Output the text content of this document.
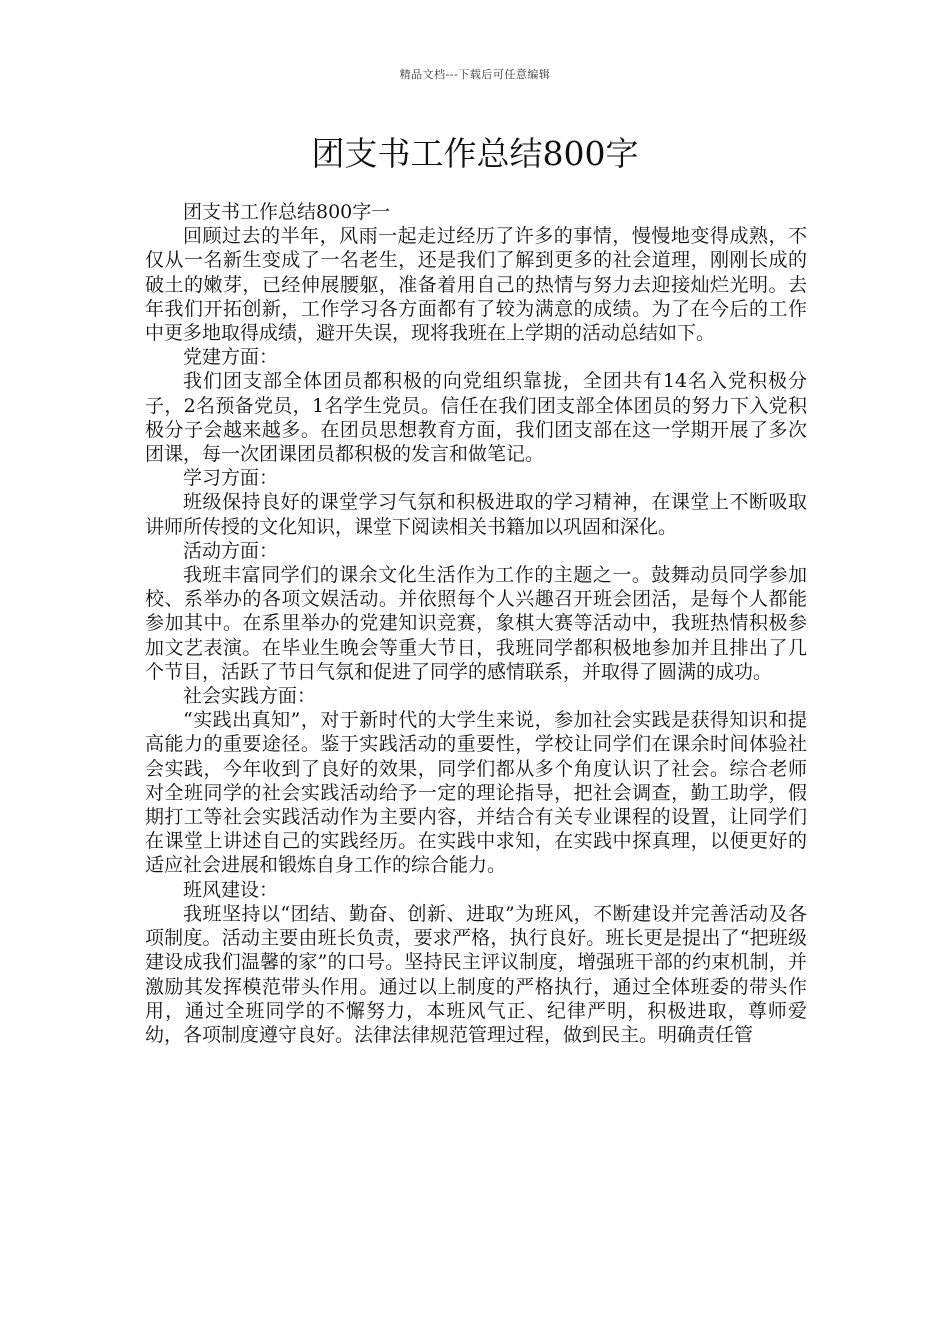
精品文档---下载后可任意编辑
团支书工作总结800字

团支书工作总结800字一

回顾过去的半年，风雨一起走过经历了许多的事情，慢慢地变得成熟，不仅从一名新生变成了一名老生，还是我们了解到更多的社会道理，刚刚长成的破土的嫩芽，已经伸展腰躯，准备着用自己的热情与努力去迎接灿烂光明。去年我们开拓创新，工作学习各方面都有了较为满意的成绩。为了在今后的工作中更多地取得成绩，避开失误，现将我班在上学期的活动总结如下。

党建方面：

我们团支部全体团员都积极的向党组织靠拢，全团共有14名入党积极分子，2名预备党员，1名学生党员。信任在我们团支部全体团员的努力下入党积极分子会越来越多。在团员思想教育方面，我们团支部在这一学期开展了多次团课，每一次团课团员都积极的发言和做笔记。

学习方面：

班级保持良好的课堂学习气氛和积极进取的学习精神，在课堂上不断吸取讲师所传授的文化知识，课堂下阅读相关书籍加以巩固和深化。

活动方面：

我班丰富同学们的课余文化生活作为工作的主题之一。鼓舞动员同学参加校、系举办的各项文娱活动。并依照每个人兴趣召开班会团活，是每个人都能参加其中。在系里举办的党建知识竞赛，象棋大赛等活动中，我班热情积极参加文艺表演。在毕业生晚会等重大节日，我班同学都积极地参加并且排出了几个节目，活跃了节日气氛和促进了同学的感情联系，并取得了圆满的成功。

社会实践方面：

“实践出真知”，对于新时代的大学生来说，参加社会实践是获得知识和提高能力的重要途径。鉴于实践活动的重要性，学校让同学们在课余时间体验社会实践，今年收到了良好的效果，同学们都从多个角度认识了社会。综合老师对全班同学的社会实践活动给予一定的理论指导，把社会调查，勤工助学，假期打工等社会实践活动作为主要内容，并结合有关专业课程的设置，让同学们在课堂上讲述自己的实践经历。在实践中求知，在实践中探真理，以便更好的适应社会进展和锻炼自身工作的综合能力。

班风建设：

我班坚持以“团结、勤奋、创新、进取”为班风，不断建设并完善活动及各项制度。活动主要由班长负责，要求严格，执行良好。班长更是提出了“把班级建设成我们温馨的家”的口号。坚持民主评议制度，增强班干部的约束机制，并激励其发挥模范带头作用。通过以上制度的严格执行，通过全体班委的带头作用，通过全班同学的不懈努力，本班风气正、纪律严明，积极进取，尊师爱幼，各项制度遵守良好。法律法律规范管理过程，做到民主。明确责任管
